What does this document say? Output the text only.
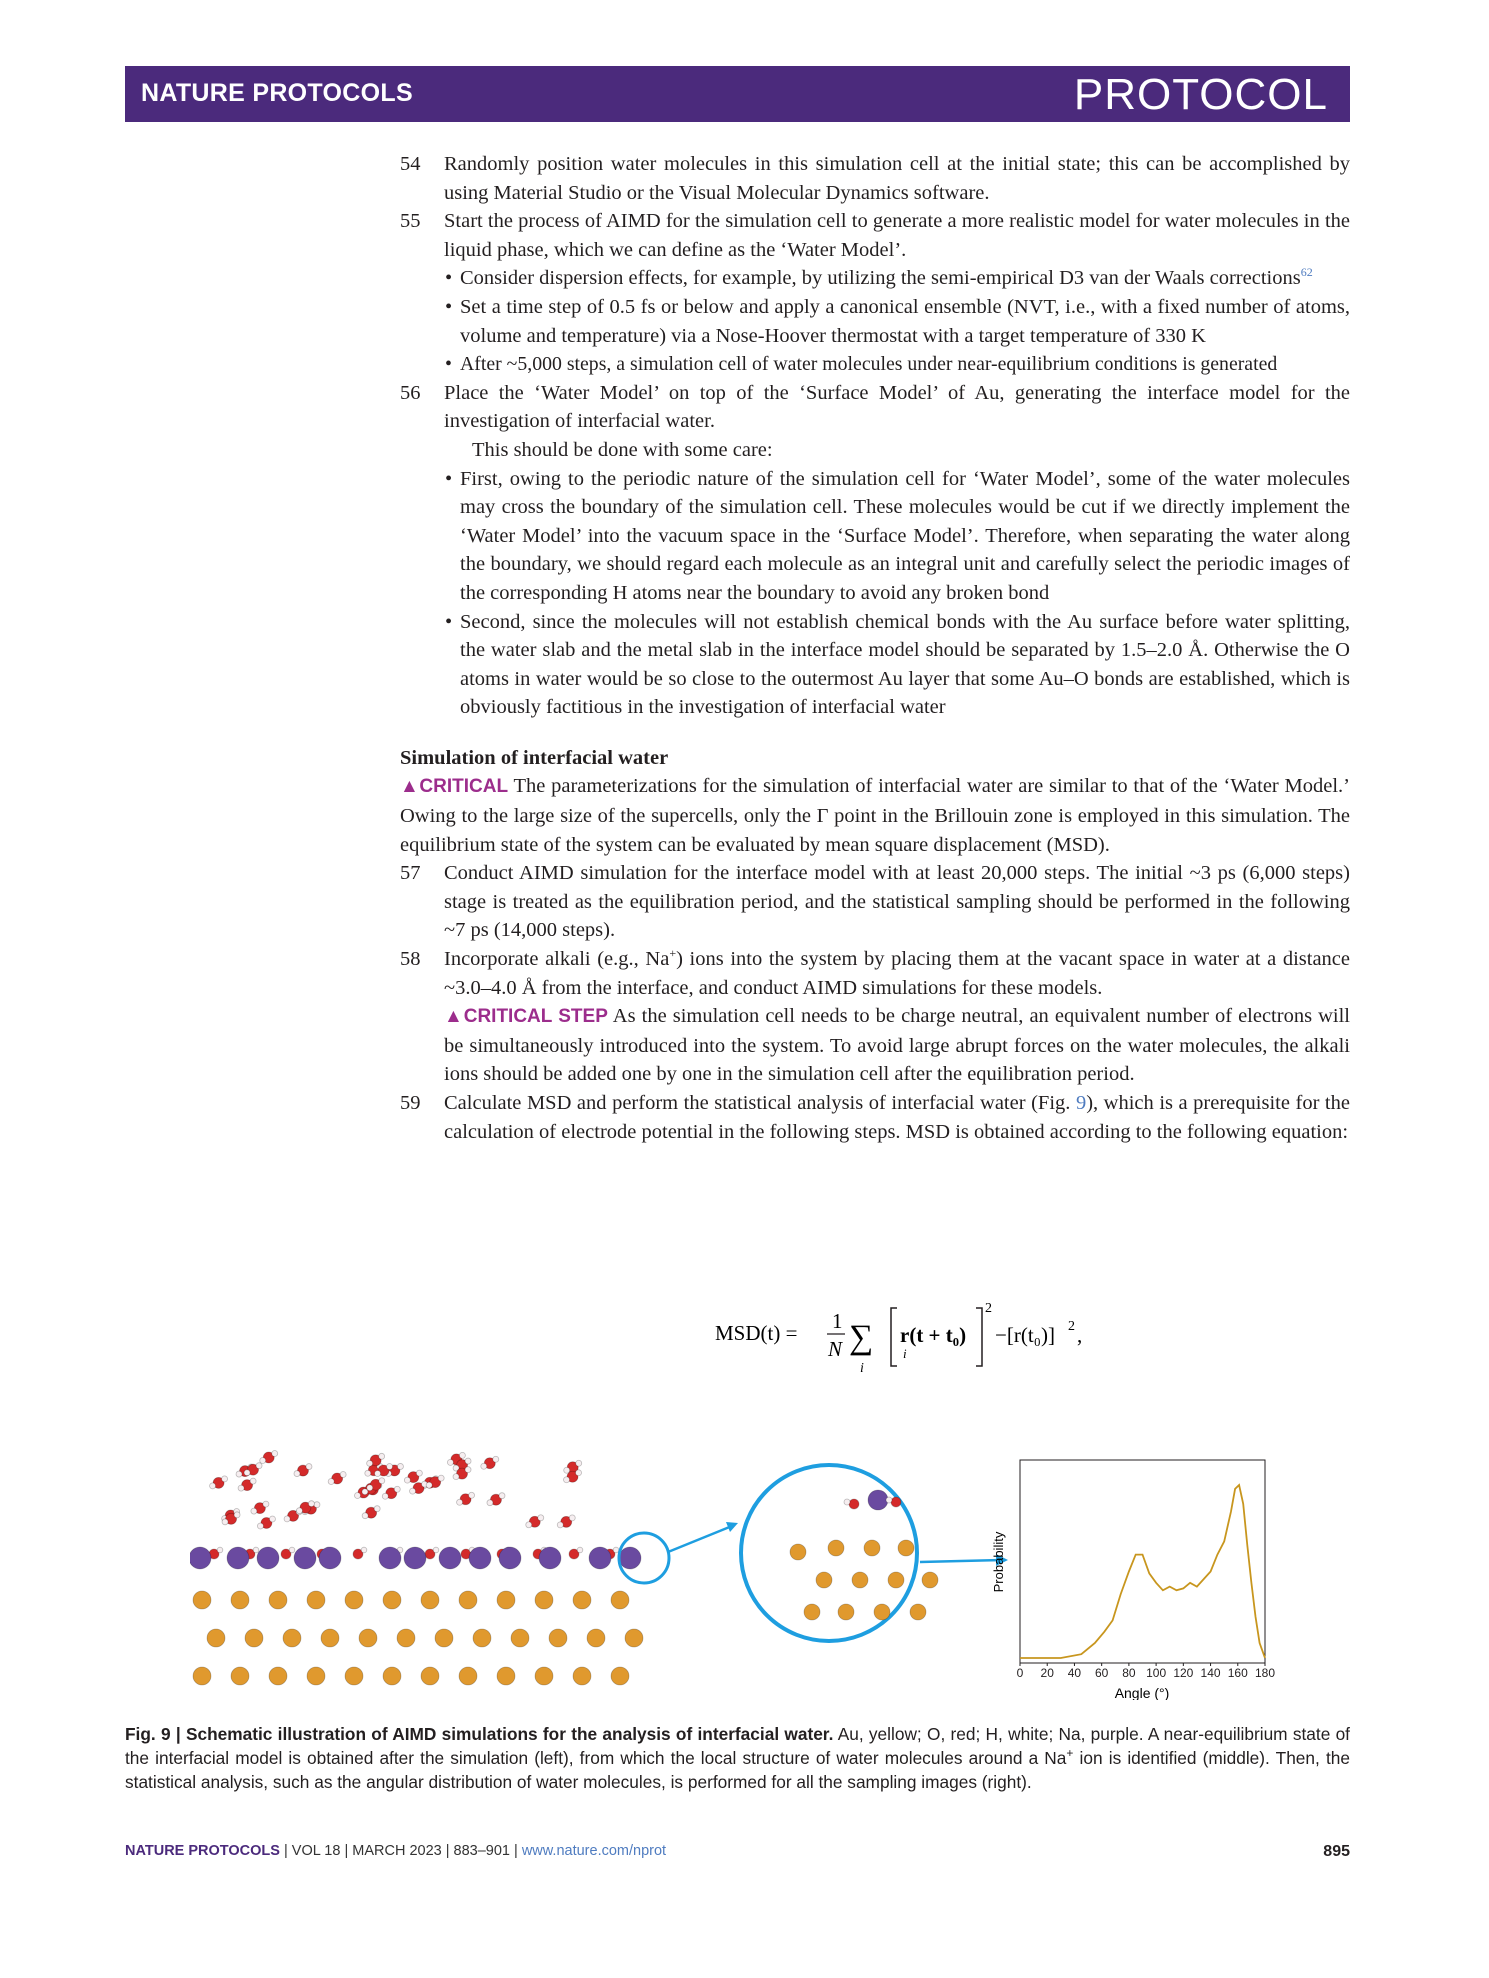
NATURE PROTOCOLS	PROTOCOL
54 Randomly position water molecules in this simulation cell at the initial state; this can be accomplished by using Material Studio or the Visual Molecular Dynamics software.
55 Start the process of AIMD for the simulation cell to generate a more realistic model for water molecules in the liquid phase, which we can define as the ‘Water Model’.
• Consider dispersion effects, for example, by utilizing the semi-empirical D3 van der Waals corrections$^{62}$
• Set a time step of 0.5 fs or below and apply a canonical ensemble (NVT, i.e., with a fixed number of atoms, volume and temperature) via a Nose-Hoover thermostat with a target temperature of 330 K
• After ~5,000 steps, a simulation cell of water molecules under near-equilibrium conditions is generated
56 Place the ‘Water Model’ on top of the ‘Surface Model’ of Au, generating the interface model for the investigation of interfacial water.
This should be done with some care:
• First, owing to the periodic nature of the simulation cell for ‘Water Model’, some of the water molecules may cross the boundary of the simulation cell. These molecules would be cut if we directly implement the ‘Water Model’ into the vacuum space in the ‘Surface Model’. Therefore, when separating the water along the boundary, we should regard each molecule as an integral unit and carefully select the periodic images of the corresponding H atoms near the boundary to avoid any broken bond
• Second, since the molecules will not establish chemical bonds with the Au surface before water splitting, the water slab and the metal slab in the interface model should be separated by 1.5–2.0 Å. Otherwise the O atoms in water would be so close to the outermost Au layer that some Au–O bonds are established, which is obviously factitious in the investigation of interfacial water
Simulation of interfacial water
▲CRITICAL The parameterizations for the simulation of interfacial water are similar to that of the ‘Water Model.’ Owing to the large size of the supercells, only the Γ point in the Brillouin zone is employed in this simulation. The equilibrium state of the system can be evaluated by mean square displacement (MSD).
57 Conduct AIMD simulation for the interface model with at least 20,000 steps. The initial ~3 ps (6,000 steps) stage is treated as the equilibration period, and the statistical sampling should be performed in the following ~7 ps (14,000 steps).
58 Incorporate alkali (e.g., Na+) ions into the system by placing them at the vacant space in water at a distance ~3.0–4.0 Å from the interface, and conduct AIMD simulations for these models.
▲CRITICAL STEP As the simulation cell needs to be charge neutral, an equivalent number of electrons will be simultaneously introduced into the system. To avoid large abrupt forces on the water molecules, the alkali ions should be added one by one in the simulation cell after the equilibration period.
59 Calculate MSD and perform the statistical analysis of interfacial water (Fig. 9), which is a prerequisite for the calculation of electrode potential in the following steps. MSD is obtained according to the following equation:
MSD(t) = 1
N ∑
i
r(t + t₀)
i
2
−[r(t₀)] 2 ,
0 20 40 60 80 100 120 140 160 180
Probability
Angle (°)
Fig. 9 | Schematic illustration of AIMD simulations for the analysis of interfacial water. Au, yellow; O, red; H, white; Na, purple. A near-equilibrium state of the interfacial model is obtained after the simulation (left), from which the local structure of water molecules around a Na+ ion is identified (middle). Then, the statistical analysis, such as the angular distribution of water molecules, is performed for all the sampling images (right).
NATURE PROTOCOLS | VOL 18 | MARCH 2023 | 883–901 | www.nature.com/nprot	895
